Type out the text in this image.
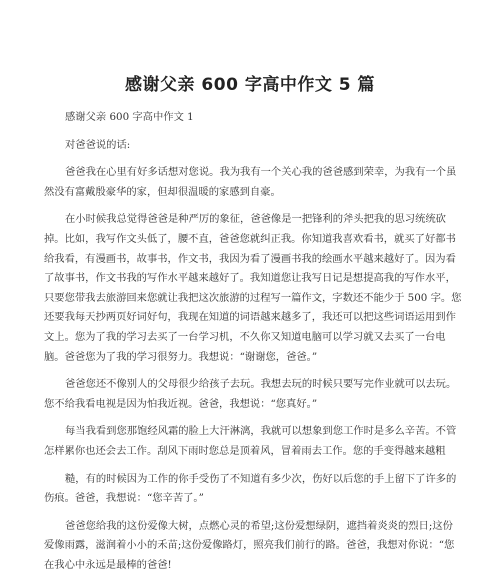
感谢父亲 600 字高中作文 5 篇

感谢父亲 600 字高中作文 1

对爸爸说的话:

爸爸我在心里有好多话想对您说。我为我有一个关心我的爸爸感到荣幸，为我有一个虽然没有富戴殷豪华的家，但却很温暖的家感到自豪。

在小时候我总觉得爸爸是种严厉的象征，爸爸像是一把锋利的斧头把我的思习统统砍掉。比如，我写作文头低了，腰不直，爸爸您就纠正我。你知道我喜欢看书，就买了好都书给我看，有漫画书，故事书，作文书，我因为看了漫画书我的绘画水平越来越好了。因为看了故事书，作文书我的写作水平越来越好了。我知道您让我写日记是想提高我的写作水平，只要您带我去旅游回来您就让我把这次旅游的过程写一篇作文，字数还不能少于 500 字。您还要我每天抄两页好词好句，我现在知道的词语越来越多了，我还可以把这些词语运用到作文上。您为了我的学习去买了一台学习机，不久你又知道电脑可以学习就又去买了一台电脑。爸爸您为了我的学习很努力。我想说：“谢谢您，爸爸。”

爸爸您还不像别人的父母很少给孩子去玩。我想去玩的时候只要写完作业就可以去玩。您不给我看电视是因为怕我近视。爸爸，我想说：“您真好。”

每当我看到您那饱经风霜的脸上大汗淋漓，我就可以想象到您工作时是多么辛苦。不管怎样累你也还会去工作。刮风下雨时您总是顶着风，冒着雨去工作。您的手变得越来越粗

糙，有的时候因为工作的你手受伤了不知道有多少次，伤好以后您的手上留下了许多的伤痕。爸爸，我想说：“您辛苦了。”

爸爸您给我的这份爱像大树，点燃心灵的希望;这份爱想绿阴，遮挡着炎炎的烈日;这份爱像雨露，滋润着小小的禾苗;这份爱像路灯，照亮我们前行的路。爸爸，我想对你说：“您在我心中永远是最棒的爸爸!
